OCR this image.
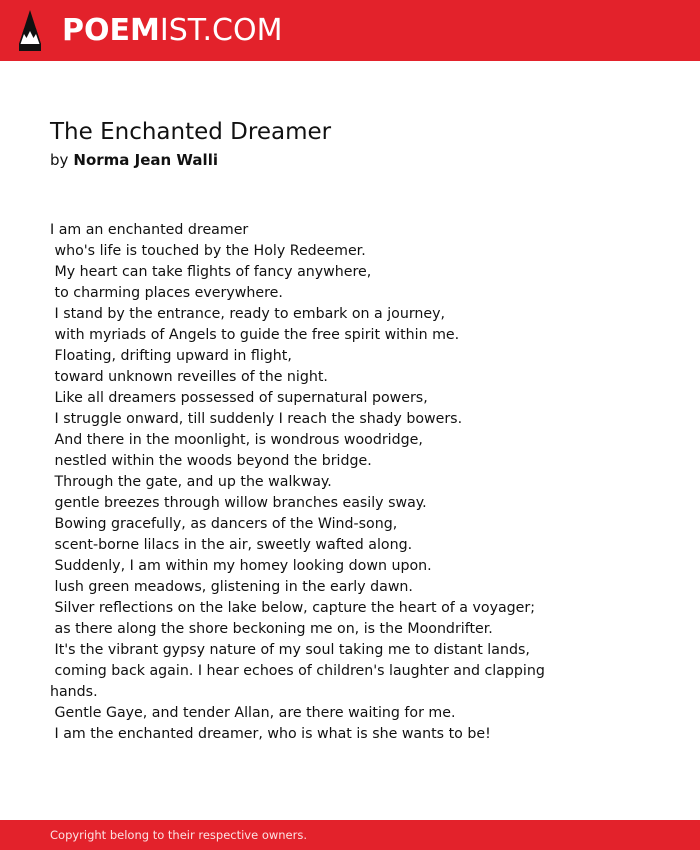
POEMIST.COM
The Enchanted Dreamer
by Norma Jean Walli
I am an enchanted dreamer
who's life is touched by the Holy Redeemer.
My heart can take flights of fancy anywhere,
to charming places everywhere.
I stand by the entrance, ready to embark on a journey,
with myriads of Angels to guide the free spirit within me.
Floating, drifting upward in flight,
toward unknown reveilles of the night.
Like all dreamers possessed of supernatural powers,
I struggle onward, till suddenly I reach the shady bowers.
And there in the moonlight, is wondrous woodridge,
nestled within the woods beyond the bridge.
Through the gate, and up the walkway.
gentle breezes through willow branches easily sway.
Bowing gracefully, as dancers of the Wind-song,
scent-borne lilacs in the air, sweetly wafted along.
Suddenly, I am within my homey looking down upon.
lush green meadows, glistening in the early dawn.
Silver reflections on the lake below, capture the heart of a voyager;
as there along the shore beckoning me on, is the Moondrifter.
It's the vibrant gypsy nature of my soul taking me to distant lands,
coming back again. I hear echoes of children's laughter and clapping
hands.
Gentle Gaye, and tender Allan, are there waiting for me.
I am the enchanted dreamer, who is what is she wants to be!
Copyright belong to their respective owners.
